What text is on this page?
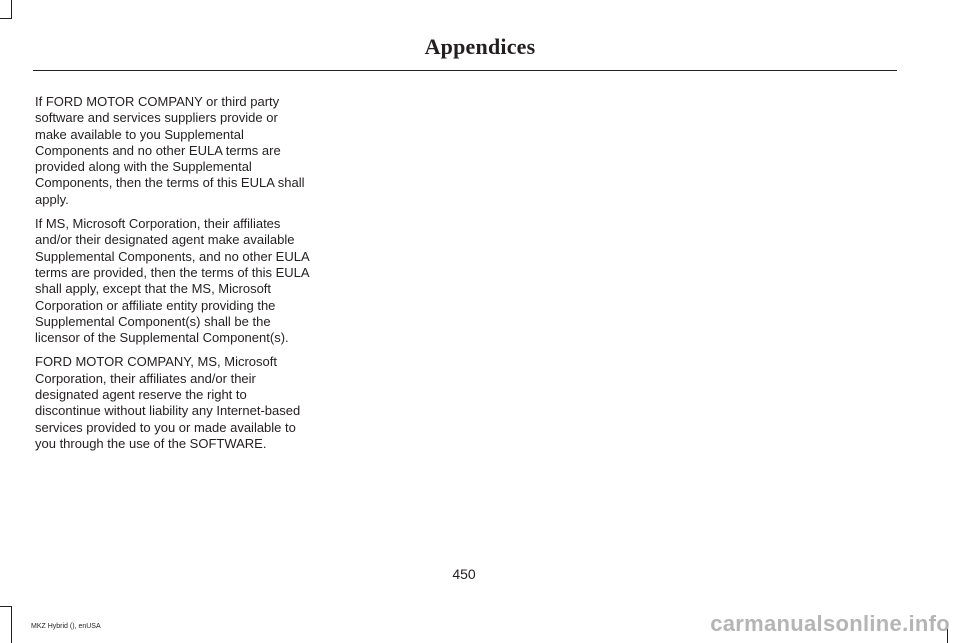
Appendices

If FORD MOTOR COMPANY or third party software and services suppliers provide or make available to you Supplemental Components and no other EULA terms are provided along with the Supplemental Components, then the terms of this EULA shall apply.

If MS, Microsoft Corporation, their affiliates and/or their designated agent make available Supplemental Components, and no other EULA terms are provided, then the terms of this EULA shall apply, except that the MS, Microsoft Corporation or affiliate entity providing the Supplemental Component(s) shall be the licensor of the Supplemental Component(s).

FORD MOTOR COMPANY, MS, Microsoft Corporation, their affiliates and/or their designated agent reserve the right to discontinue without liability any Internet-based services provided to you or made available to you through the use of the SOFTWARE.

450
MKZ Hybrid (), enUSA	carmanualsonline.info
